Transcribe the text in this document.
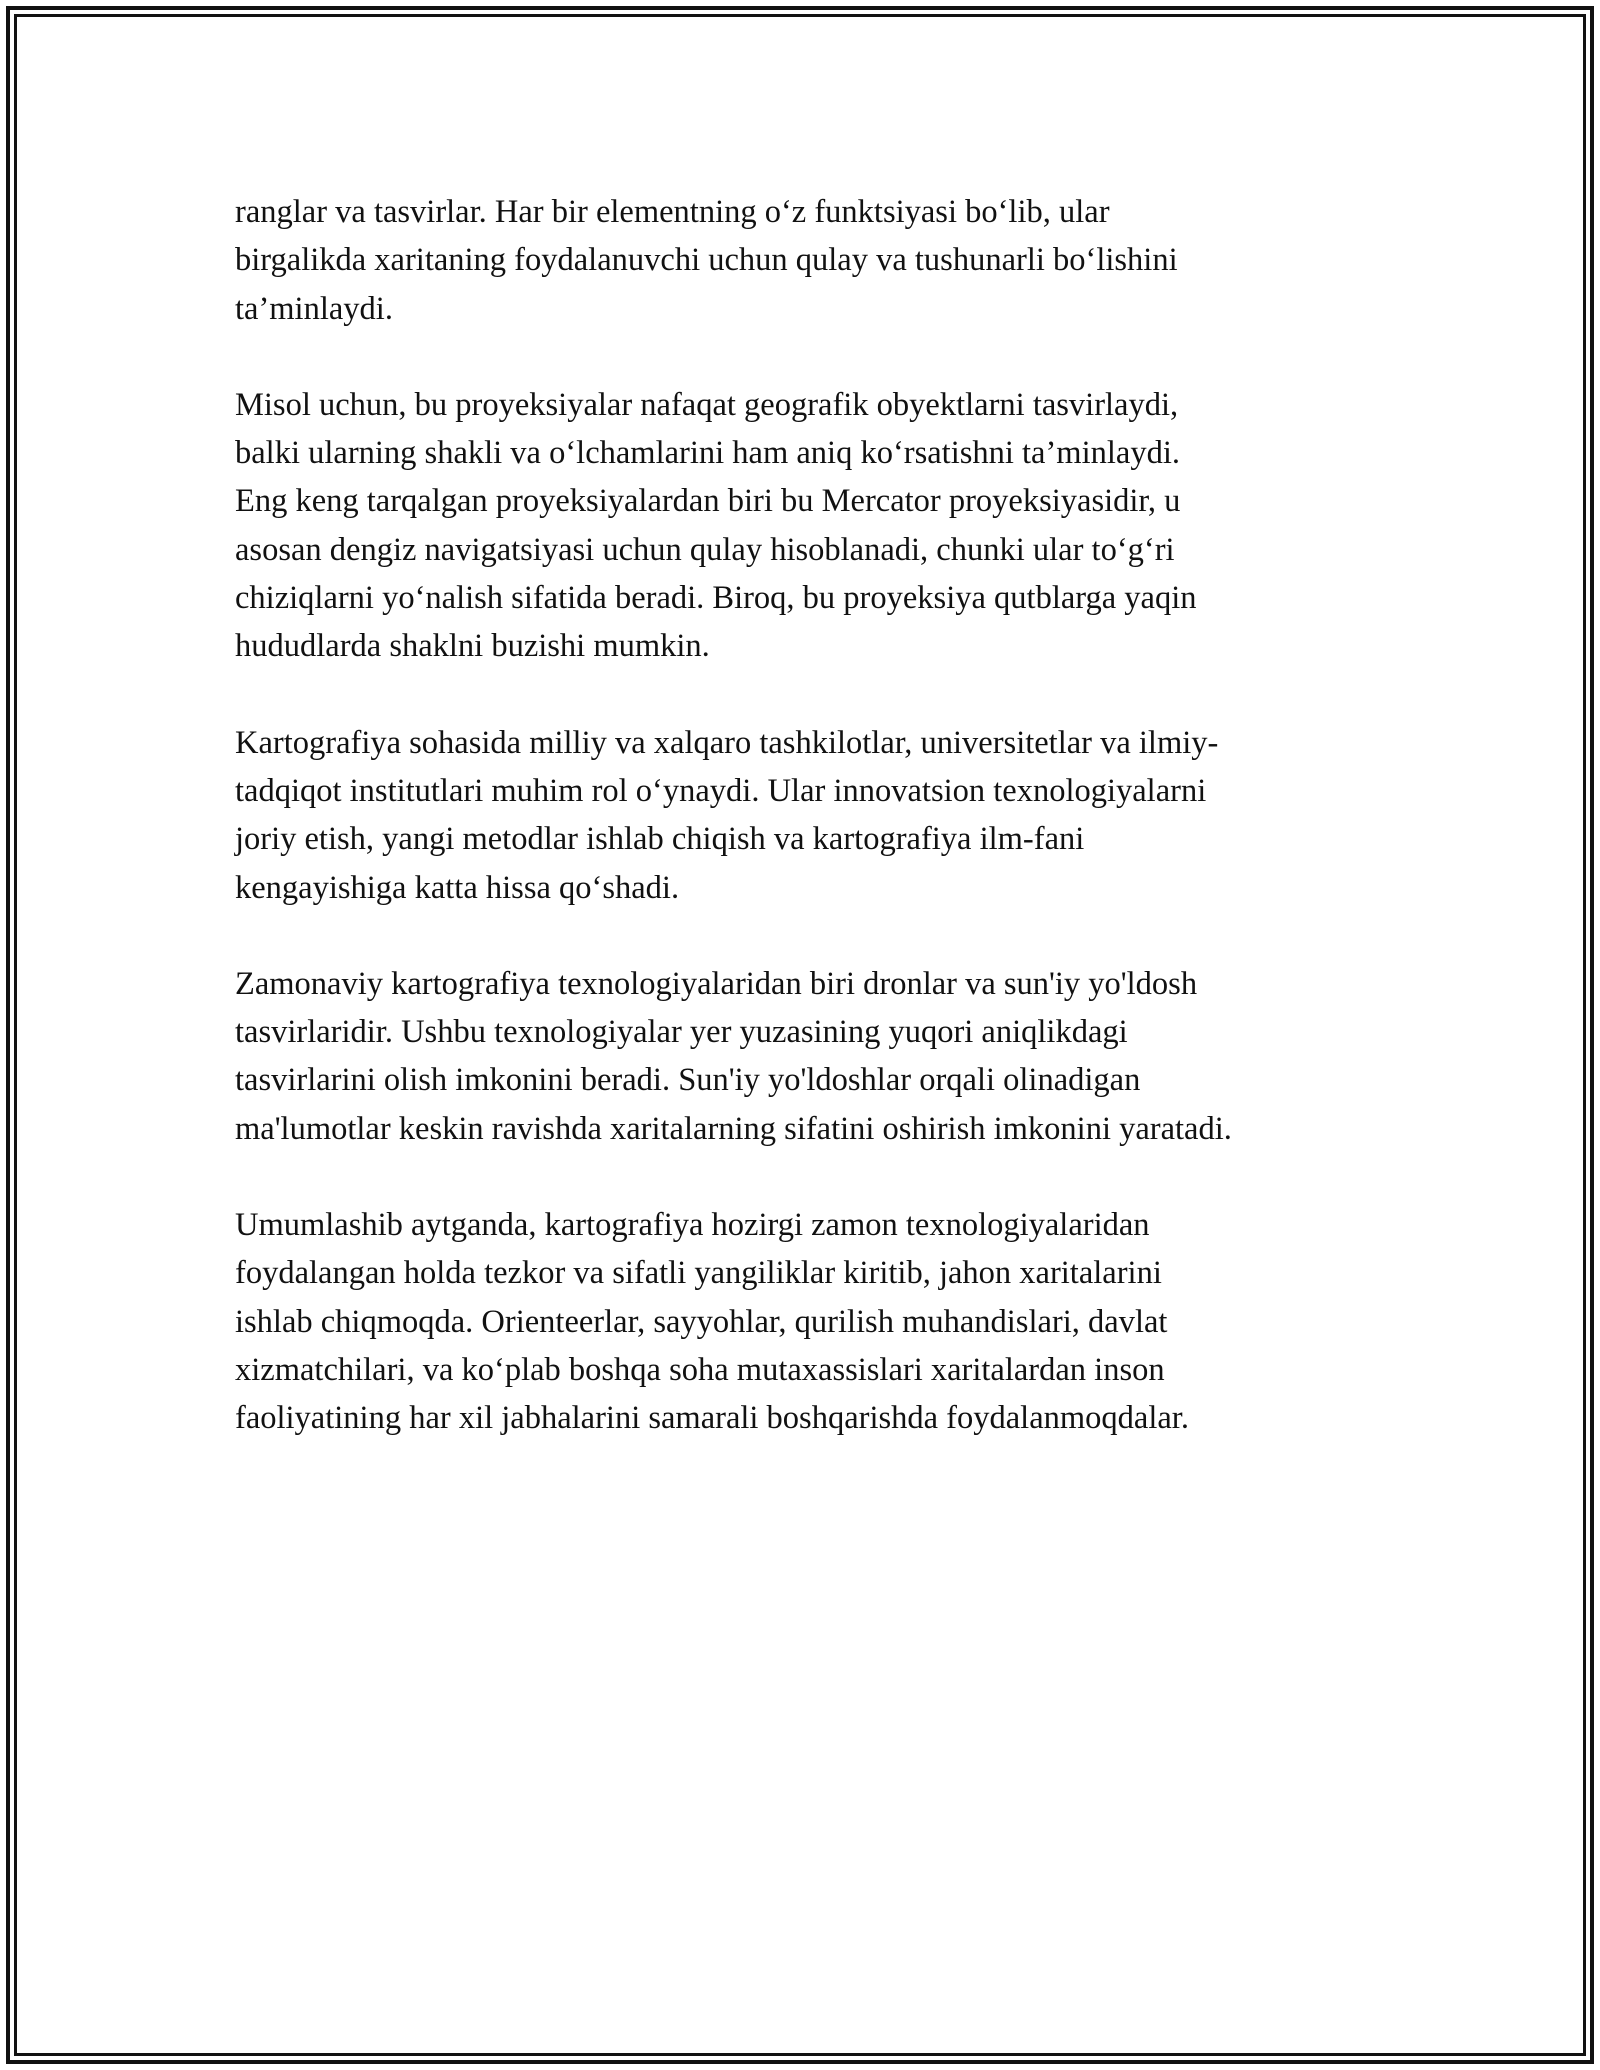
ranglar va tasvirlar. Har bir elementning o‘z funktsiyasi bo‘lib, ular
birgalikda xaritaning foydalanuvchi uchun qulay va tushunarli bo‘lishini
ta’minlaydi.

Misol uchun, bu proyeksiyalar nafaqat geografik obyektlarni tasvirlaydi,
balki ularning shakli va o‘lchamlarini ham aniq ko‘rsatishni ta’minlaydi.
Eng keng tarqalgan proyeksiyalardan biri bu Mercator proyeksiyasidir, u
asosan dengiz navigatsiyasi uchun qulay hisoblanadi, chunki ular to‘g‘ri
chiziqlarni yo‘nalish sifatida beradi. Biroq, bu proyeksiya qutblarga yaqin
hududlarda shaklni buzishi mumkin.

Kartografiya sohasida milliy va xalqaro tashkilotlar, universitetlar va ilmiy-
tadqiqot institutlari muhim rol o‘ynaydi. Ular innovatsion texnologiyalarni
joriy etish, yangi metodlar ishlab chiqish va kartografiya ilm-fani
kengayishiga katta hissa qo‘shadi.

Zamonaviy kartografiya texnologiyalaridan biri dronlar va sun'iy yo'ldosh
tasvirlaridir. Ushbu texnologiyalar yer yuzasining yuqori aniqlikdagi
tasvirlarini olish imkonini beradi. Sun'iy yo'ldoshlar orqali olinadigan
ma'lumotlar keskin ravishda xaritalarning sifatini oshirish imkonini yaratadi.

Umumlashib aytganda, kartografiya hozirgi zamon texnologiyalaridan
foydalangan holda tezkor va sifatli yangiliklar kiritib, jahon xaritalarini
ishlab chiqmoqda. Orienteerlar, sayyohlar, qurilish muhandislari, davlat
xizmatchilari, va ko‘plab boshqa soha mutaxassislari xaritalardan inson
faoliyatining har xil jabhalarini samarali boshqarishda foydalanmoqdalar.
